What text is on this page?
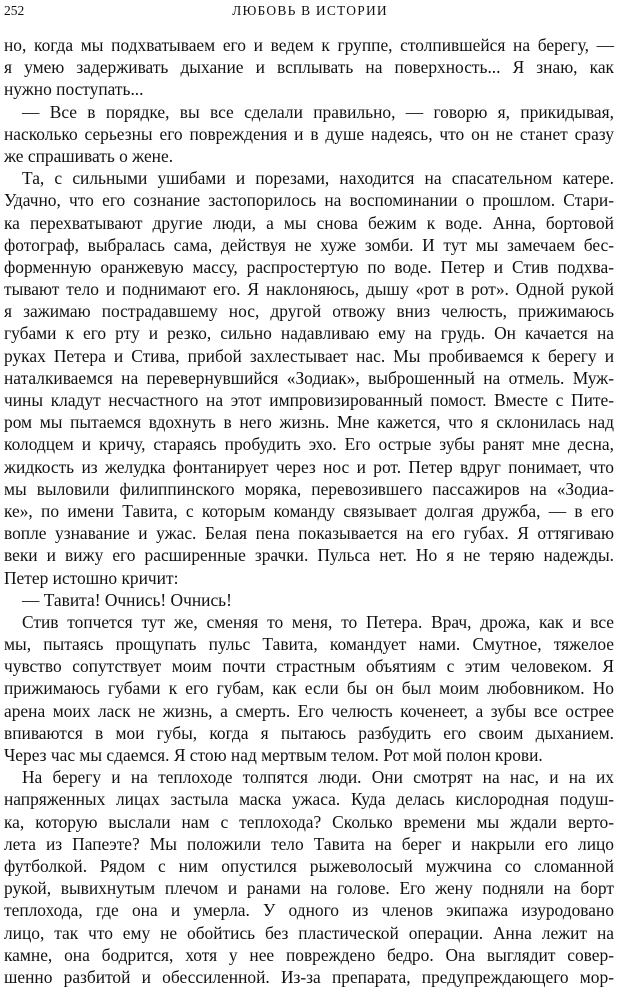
252	ЛЮБОВЬ В ИСТОРИИ
но, когда мы подхватываем его и ведем к группе, столпившейся на берегу, —
я умею задерживать дыхание и всплывать на поверхность... Я знаю, как
нужно поступать...
— Все в порядке, вы все сделали правильно, — говорю я, прикидывая,
насколько серьезны его повреждения и в душе надеясь, что он не станет сразу
же спрашивать о жене.
Та, с сильными ушибами и порезами, находится на спасательном катере.
Удачно, что его сознание застопорилось на воспоминании о прошлом. Стари-
ка перехватывают другие люди, а мы снова бежим к воде. Анна, бортовой
фотограф, выбралась сама, действуя не хуже зомби. И тут мы замечаем бес-
форменную оранжевую массу, распростертую по воде. Петер и Стив подхва-
тывают тело и поднимают его. Я наклоняюсь, дышу «рот в рот». Одной рукой
я зажимаю пострадавшему нос, другой отвожу вниз челюсть, прижимаюсь
губами к его рту и резко, сильно надавливаю ему на грудь. Он качается на
руках Петера и Стива, прибой захлестывает нас. Мы пробиваемся к берегу и
наталкиваемся на перевернувшийся «Зодиак», выброшенный на отмель. Муж-
чины кладут несчастного на этот импровизированный помост. Вместе с Пите-
ром мы пытаемся вдохнуть в него жизнь. Мне кажется, что я склонилась над
колодцем и кричу, стараясь пробудить эхо. Его острые зубы ранят мне десна,
жидкость из желудка фонтанирует через нос и рот. Петер вдруг понимает, что
мы выловили филиппинского моряка, перевозившего пассажиров на «Зодиа-
ке», по имени Тавита, с которым команду связывает долгая дружба, — в его
вопле узнавание и ужас. Белая пена показывается на его губах. Я оттягиваю
веки и вижу его расширенные зрачки. Пульса нет. Но я не теряю надежды.
Петер истошно кричит:
— Тавита! Очнись! Очнись!
Стив топчется тут же, сменяя то меня, то Петера. Врач, дрожа, как и все
мы, пытаясь прощупать пульс Тавита, командует нами. Смутное, тяжелое
чувство сопутствует моим почти страстным объятиям с этим человеком. Я
прижимаюсь губами к его губам, как если бы он был моим любовником. Но
арена моих ласк не жизнь, а смерть. Его челюсть коченеет, а зубы все острее
впиваются в мои губы, когда я пытаюсь разбудить его своим дыханием.
Через час мы сдаемся. Я стою над мертвым телом. Рот мой полон крови.
На берегу и на теплоходе толпятся люди. Они смотрят на нас, и на их
напряженных лицах застыла маска ужаса. Куда делась кислородная подуш-
ка, которую выслали нам с теплохода? Сколько времени мы ждали верто-
лета из Папеэте? Мы положили тело Тавита на берег и накрыли его лицо
футболкой. Рядом с ним опустился рыжеволосый мужчина со сломанной
рукой, вывихнутым плечом и ранами на голове. Его жену подняли на борт
теплохода, где она и умерла. У одного из членов экипажа изуродовано
лицо, так что ему не обойтись без пластической операции. Анна лежит на
камне, она бодрится, хотя у нее повреждено бедро. Она выглядит совер-
шенно разбитой и обессиленной. Из-за препарата, предупреждающего мор-
